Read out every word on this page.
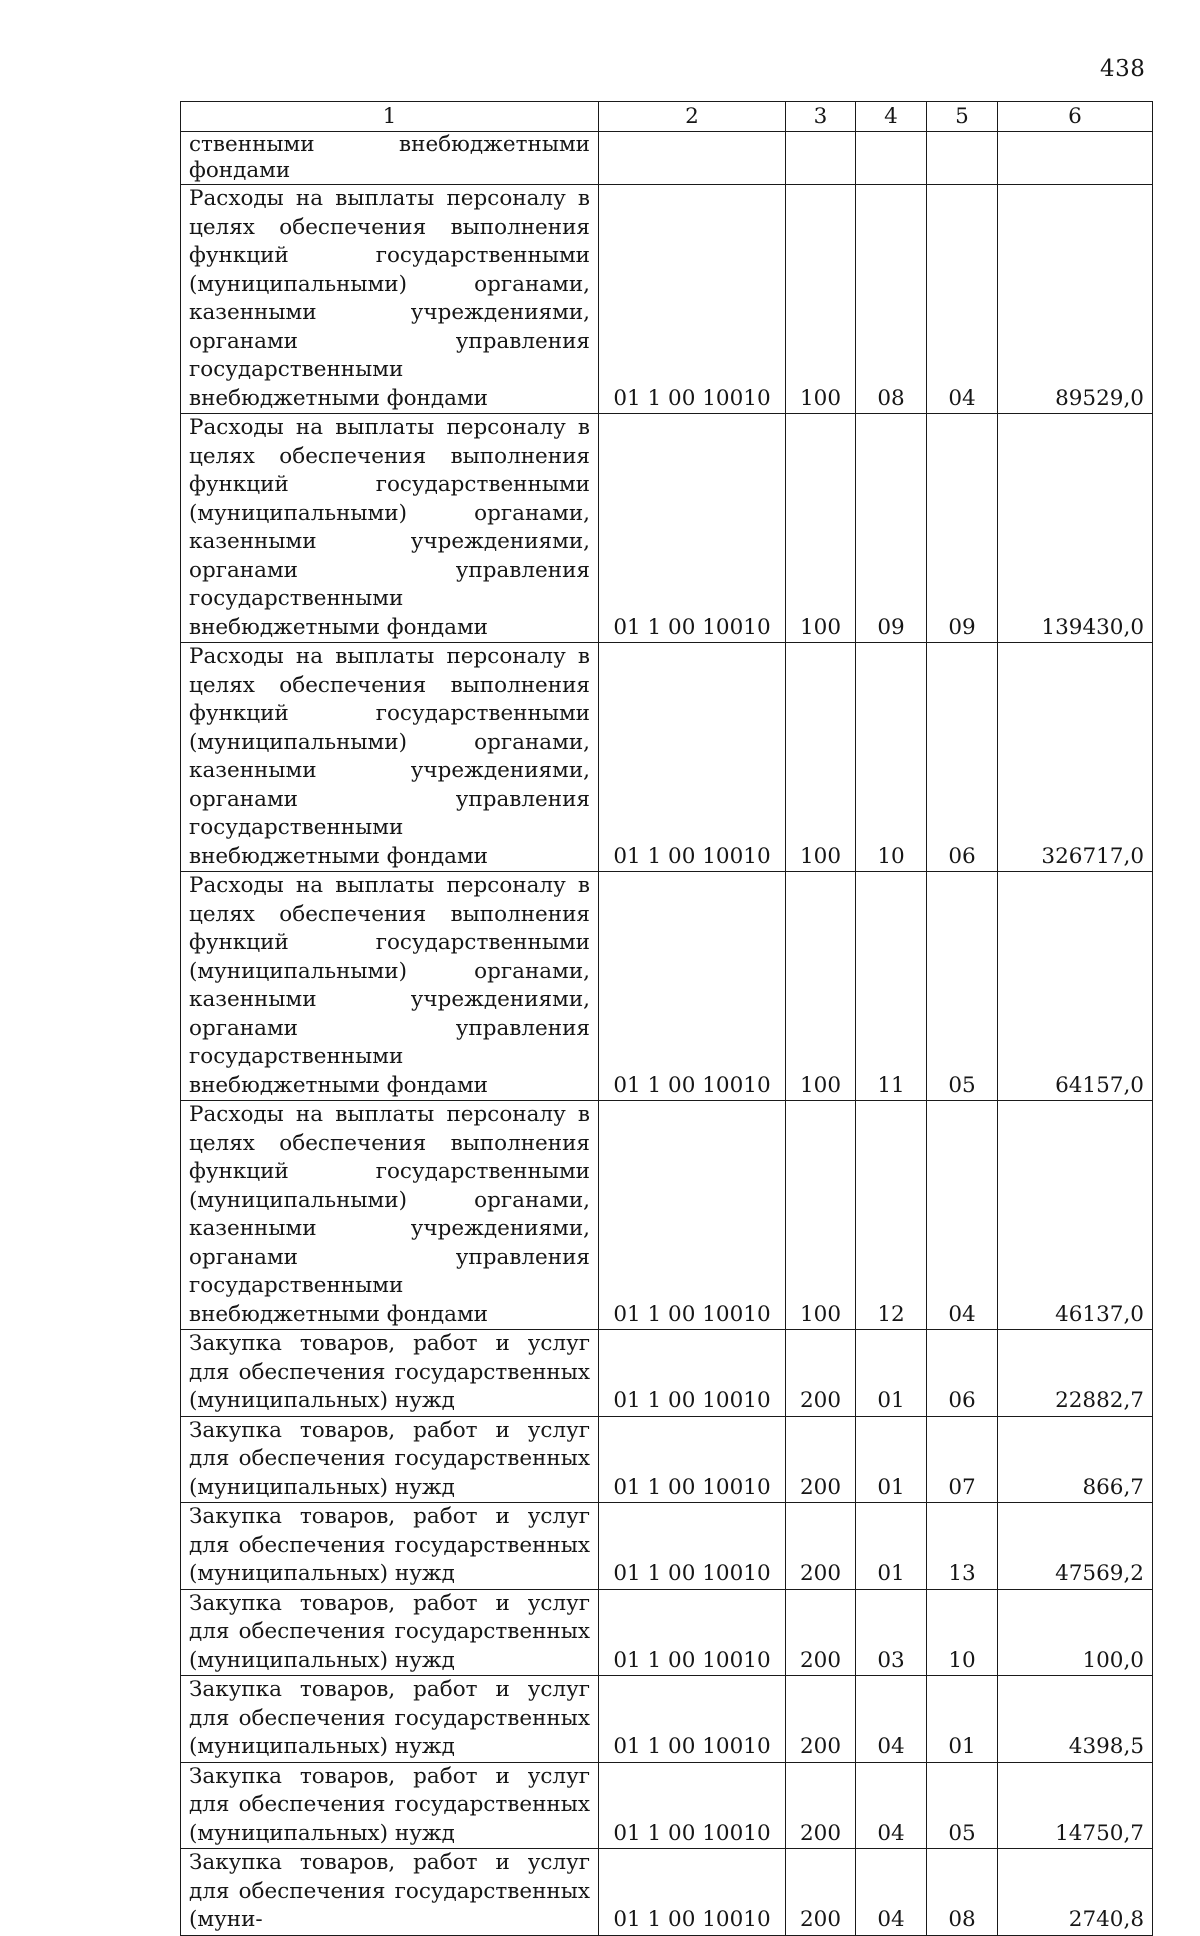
438
1	2	3	4	5	6
ственными внебюджетными фондами					
Расходы на выплаты персоналу в целях обеспечения выполнения функций государственными (муниципальными) органами, казенными учреждениями, органами управления государственными внебюджетными фондами	01 1 00 10010	100	08	04	89529,0
Расходы на выплаты персоналу в целях обеспечения выполнения функций государственными (муниципальными) органами, казенными учреждениями, органами управления государственными внебюджетными фондами	01 1 00 10010	100	09	09	139430,0
Расходы на выплаты персоналу в целях обеспечения выполнения функций государственными (муниципальными) органами, казенными учреждениями, органами управления государственными внебюджетными фондами	01 1 00 10010	100	10	06	326717,0
Расходы на выплаты персоналу в целях обеспечения выполнения функций государственными (муниципальными) органами, казенными учреждениями, органами управления государственными внебюджетными фондами	01 1 00 10010	100	11	05	64157,0
Расходы на выплаты персоналу в целях обеспечения выполнения функций государственными (муниципальными) органами, казенными учреждениями, органами управления государственными внебюджетными фондами	01 1 00 10010	100	12	04	46137,0
Закупка товаров, работ и услуг для обеспечения государственных (муниципальных) нужд	01 1 00 10010	200	01	06	22882,7
Закупка товаров, работ и услуг для обеспечения государственных (муниципальных) нужд	01 1 00 10010	200	01	07	866,7
Закупка товаров, работ и услуг для обеспечения государственных (муниципальных) нужд	01 1 00 10010	200	01	13	47569,2
Закупка товаров, работ и услуг для обеспечения государственных (муниципальных) нужд	01 1 00 10010	200	03	10	100,0
Закупка товаров, работ и услуг для обеспечения государственных (муниципальных) нужд	01 1 00 10010	200	04	01	4398,5
Закупка товаров, работ и услуг для обеспечения государственных (муниципальных) нужд	01 1 00 10010	200	04	05	14750,7
Закупка товаров, работ и услуг для обеспечения государственных (муни-	01 1 00 10010	200	04	08	2740,8
